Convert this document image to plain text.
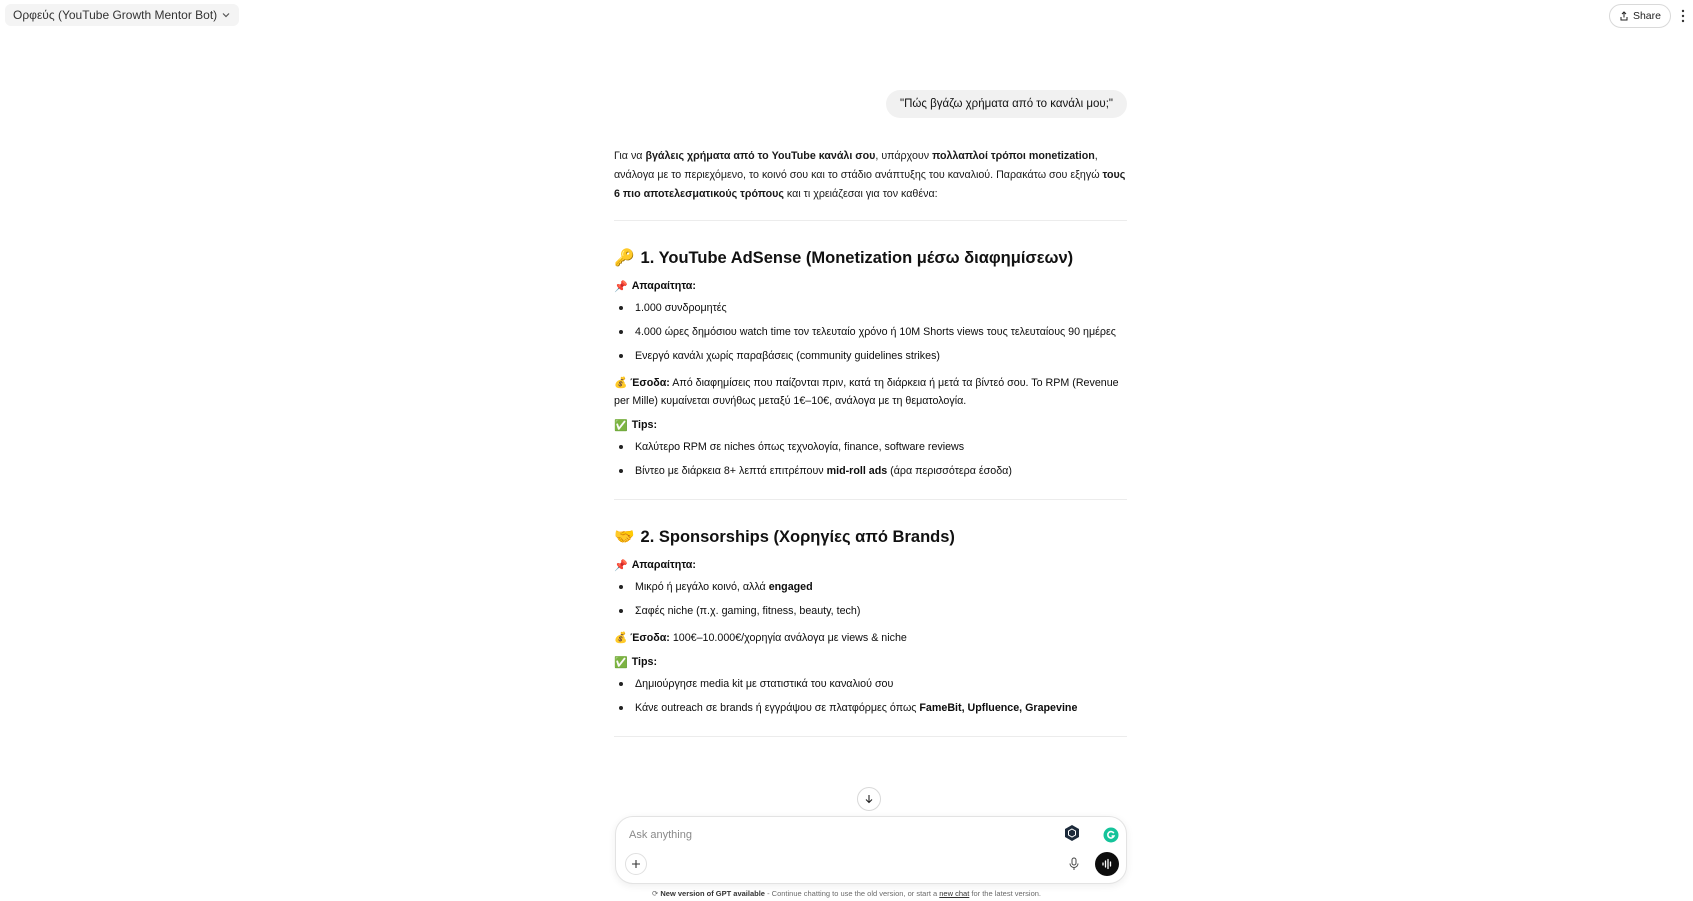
Ορφεύς (YouTube Growth Mentor Bot)	Share
"Πώς βγάζω χρήματα από το κανάλι μου;"

Για να βγάλεις χρήματα από το YouTube κανάλι σου, υπάρχουν πολλαπλοί τρόποι monetization, ανάλογα με το περιεχόμενο, το κοινό σου και το στάδιο ανάπτυξης του καναλιού. Παρακάτω σου εξηγώ τους 6 πιο αποτελεσματικούς τρόπους και τι χρειάζεσαι για τον καθένα:

🔑 1. YouTube AdSense (Monetization μέσω διαφημίσεων)
📌 Απαραίτητα:
1.000 συνδρομητές
4.000 ώρες δημόσιου watch time τον τελευταίο χρόνο ή 10M Shorts views τους τελευταίους 90 ημέρες
Ενεργό κανάλι χωρίς παραβάσεις (community guidelines strikes)

💰 Έσοδα: Από διαφημίσεις που παίζονται πριν, κατά τη διάρκεια ή μετά τα βίντεό σου. Το RPM (Revenue per Mille) κυμαίνεται συνήθως μεταξύ 1€–10€, ανάλογα με τη θεματολογία.

✅ Tips:
Καλύτερο RPM σε niches όπως τεχνολογία, finance, software reviews
Βίντεο με διάρκεια 8+ λεπτά επιτρέπουν mid-roll ads (άρα περισσότερα έσοδα)
🤝 2. Sponsorships (Χορηγίες από Brands)
📌 Απαραίτητα:
Μικρό ή μεγάλο κοινό, αλλά engaged
Σαφές niche (π.χ. gaming, fitness, beauty, tech)

💰 Έσοδα: 100€–10.000€/χορηγία ανάλογα με views & niche

✅ Tips:
Δημιούργησε media kit με στατιστικά του καναλιού σου
Κάνε outreach σε brands ή εγγράψου σε πλατφόρμες όπως FameBit, Upfluence, Grapevine
Ask anything
⟳ New version of GPT available - Continue chatting to use the old version, or start a new chat for the latest version.
